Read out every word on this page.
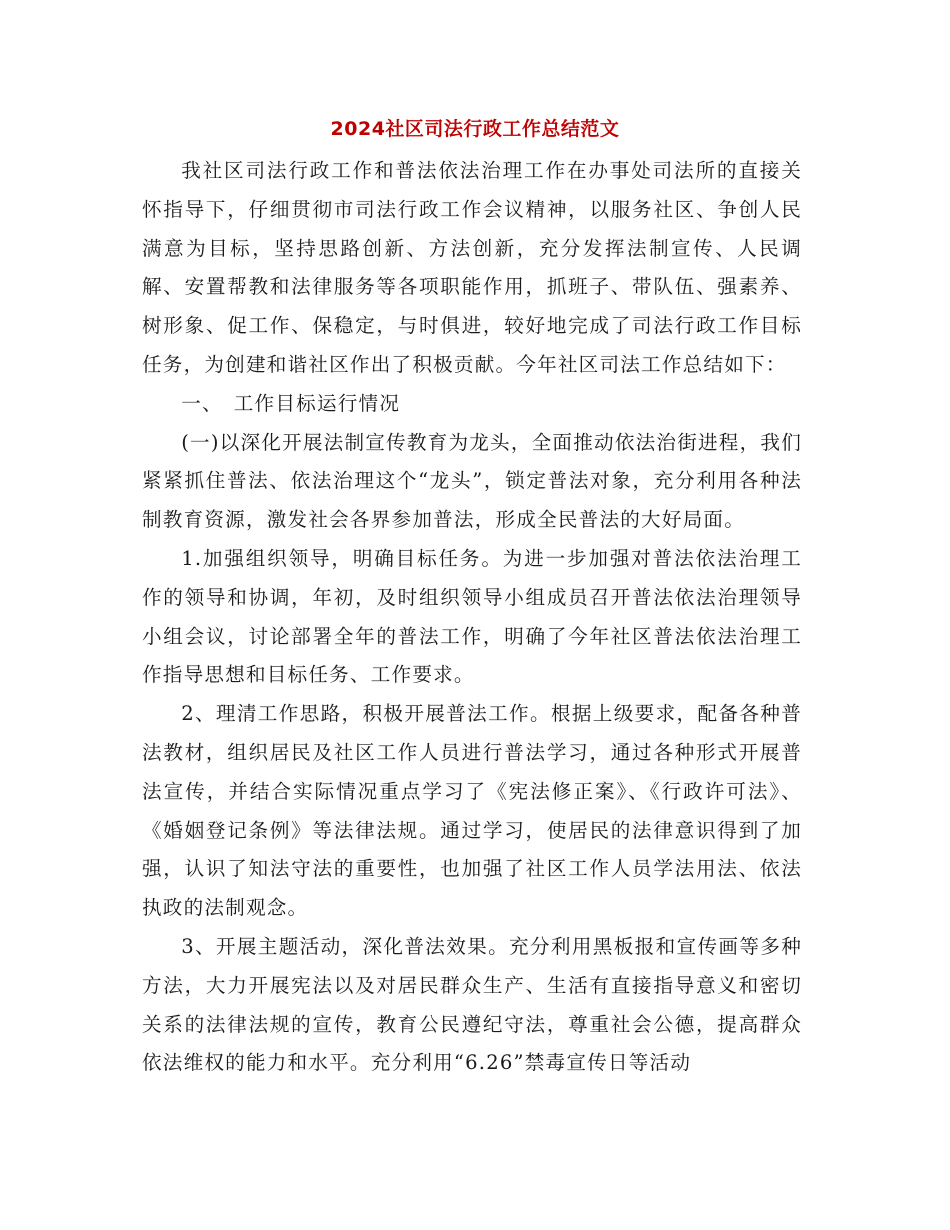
2024社区司法行政工作总结范文

我社区司法行政工作和普法依法治理工作在办事处司法所的直接关怀指导下，仔细贯彻市司法行政工作会议精神，以服务社区、争创人民满意为目标，坚持思路创新、方法创新，充分发挥法制宣传、人民调解、安置帮教和法律服务等各项职能作用，抓班子、带队伍、强素养、树形象、促工作、保稳定，与时俱进，较好地完成了司法行政工作目标任务，为创建和谐社区作出了积极贡献。今年社区司法工作总结如下：

一、　工作目标运行情况

(一)以深化开展法制宣传教育为龙头，全面推动依法治街进程，我们紧紧抓住普法、依法治理这个“龙头”，锁定普法对象，充分利用各种法制教育资源，激发社会各界参加普法，形成全民普法的大好局面。

1.加强组织领导，明确目标任务。为进一步加强对普法依法治理工作的领导和协调，年初，及时组织领导小组成员召开普法依法治理领导小组会议，讨论部署全年的普法工作，明确了今年社区普法依法治理工作指导思想和目标任务、工作要求。

2、理清工作思路，积极开展普法工作。根据上级要求，配备各种普法教材，组织居民及社区工作人员进行普法学习，通过各种形式开展普法宣传，并结合实际情况重点学习了《宪法修正案》、《行政许可法》、《婚姻登记条例》等法律法规。通过学习，使居民的法律意识得到了加强，认识了知法守法的重要性，也加强了社区工作人员学法用法、依法执政的法制观念。

3、开展主题活动，深化普法效果。充分利用黑板报和宣传画等多种方法，大力开展宪法以及对居民群众生产、生活有直接指导意义和密切关系的法律法规的宣传，教育公民遵纪守法，尊重社会公德，提高群众依法维权的能力和水平。充分利用“6.26”禁毒宣传日等活动
